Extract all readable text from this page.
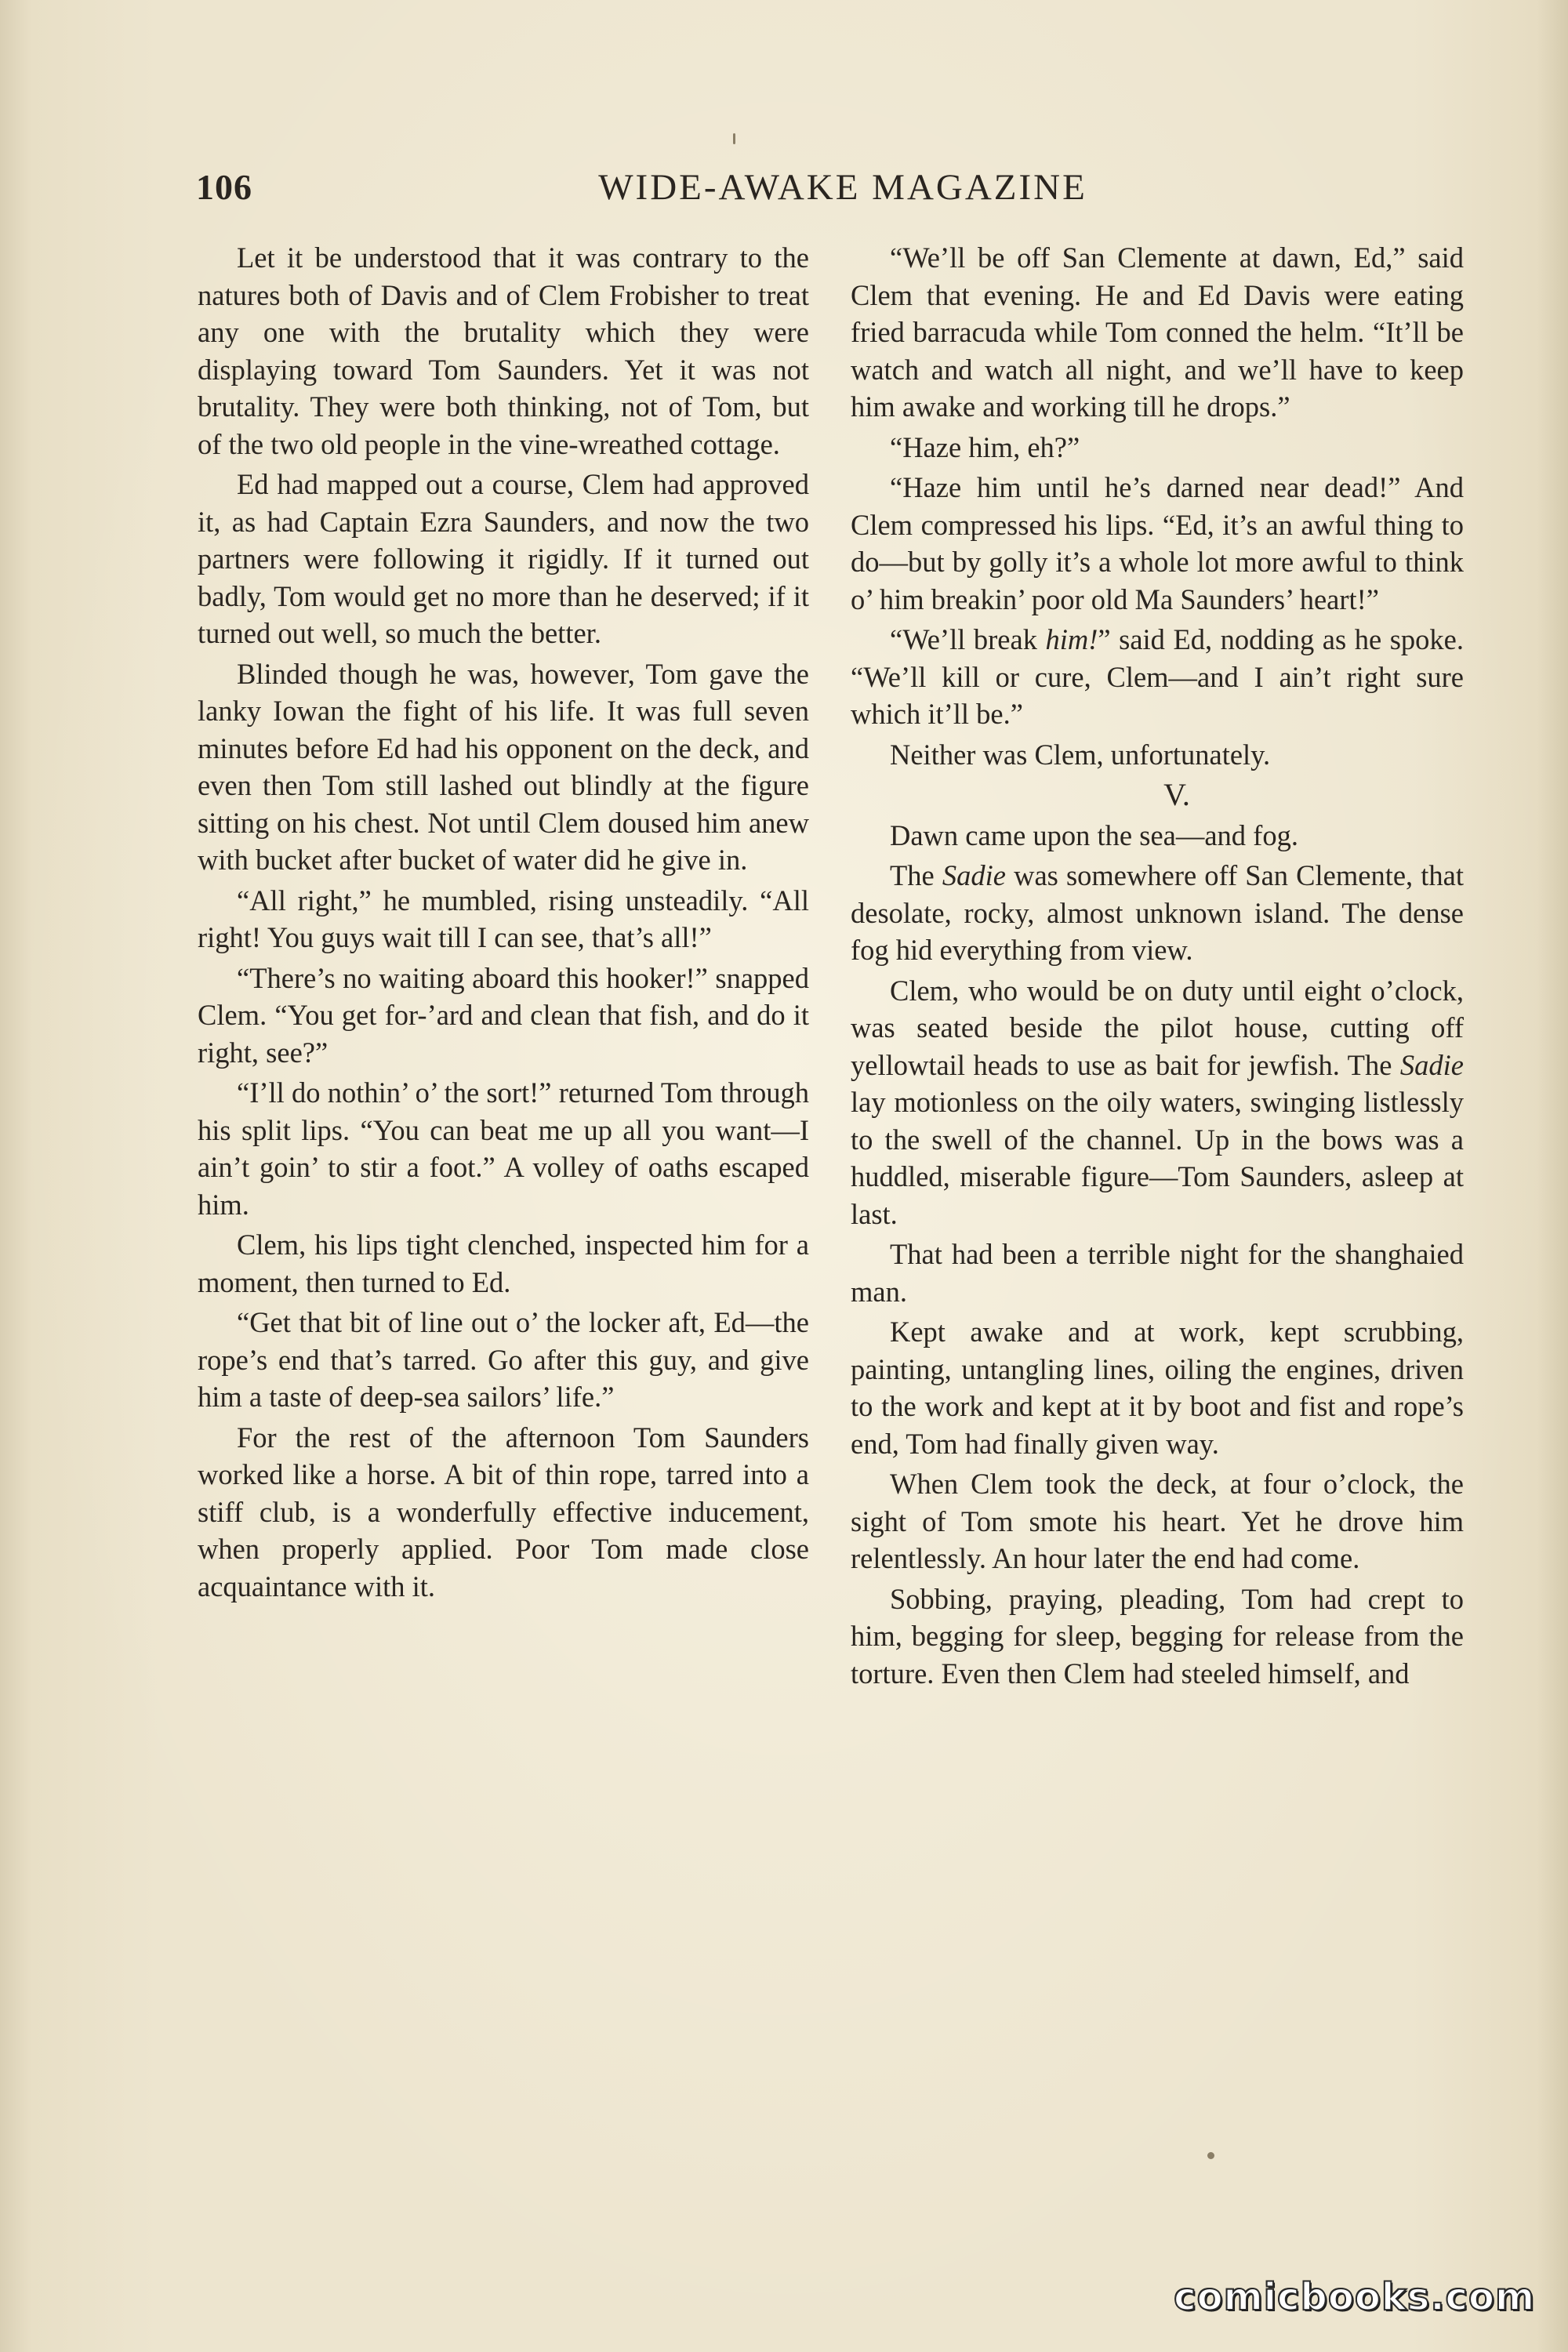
106	WIDE-AWAKE MAGAZINE

Let it be understood that it was contrary to the natures both of Davis and of Clem Frobisher to treat any one with the brutality which they were displaying toward Tom Saunders. Yet it was not brutality. They were both thinking, not of Tom, but of the two old people in the vine-wreathed cottage.

Ed had mapped out a course, Clem had approved it, as had Captain Ezra Saunders, and now the two partners were following it rigidly. If it turned out badly, Tom would get no more than he deserved; if it turned out well, so much the better.

Blinded though he was, however, Tom gave the lanky Iowan the fight of his life. It was full seven minutes before Ed had his opponent on the deck, and even then Tom still lashed out blindly at the figure sitting on his chest. Not until Clem doused him anew with bucket after bucket of water did he give in.

“All right,” he mumbled, rising unsteadily. “All right! You guys wait till I can see, that’s all!”

“There’s no waiting aboard this hooker!” snapped Clem. “You get for-’ard and clean that fish, and do it right, see?”

“I’ll do nothin’ o’ the sort!” returned Tom through his split lips. “You can beat me up all you want—I ain’t goin’ to stir a foot.” A volley of oaths escaped him.

Clem, his lips tight clenched, inspected him for a moment, then turned to Ed.

“Get that bit of line out o’ the locker aft, Ed—the rope’s end that’s tarred. Go after this guy, and give him a taste of deep-sea sailors’ life.”

For the rest of the afternoon Tom Saunders worked like a horse. A bit of thin rope, tarred into a stiff club, is a wonderfully effective inducement, when properly applied. Poor Tom made close acquaintance with it.

“We’ll be off San Clemente at dawn, Ed,” said Clem that evening. He and Ed Davis were eating fried barracuda while Tom conned the helm. “It’ll be watch and watch all night, and we’ll have to keep him awake and working till he drops.”

“Haze him, eh?”

“Haze him until he’s darned near dead!” And Clem compressed his lips. “Ed, it’s an awful thing to do—but by golly it’s a whole lot more awful to think o’ him breakin’ poor old Ma Saunders’ heart!”

“We’ll break him!” said Ed, nodding as he spoke. “We’ll kill or cure, Clem—and I ain’t right sure which it’ll be.”

Neither was Clem, unfortunately.

V.

Dawn came upon the sea—and fog.

The Sadie was somewhere off San Clemente, that desolate, rocky, almost unknown island. The dense fog hid everything from view.

Clem, who would be on duty until eight o’clock, was seated beside the pilot house, cutting off yellowtail heads to use as bait for jewfish. The Sadie lay motionless on the oily waters, swinging listlessly to the swell of the channel. Up in the bows was a huddled, miserable figure—Tom Saunders, asleep at last.

That had been a terrible night for the shanghaied man.

Kept awake and at work, kept scrubbing, painting, untangling lines, oiling the engines, driven to the work and kept at it by boot and fist and rope’s end, Tom had finally given way.

When Clem took the deck, at four o’clock, the sight of Tom smote his heart. Yet he drove him relentlessly. An hour later the end had come.

Sobbing, praying, pleading, Tom had crept to him, begging for sleep, begging for release from the torture. Even then Clem had steeled himself, and

comicbooks.com
